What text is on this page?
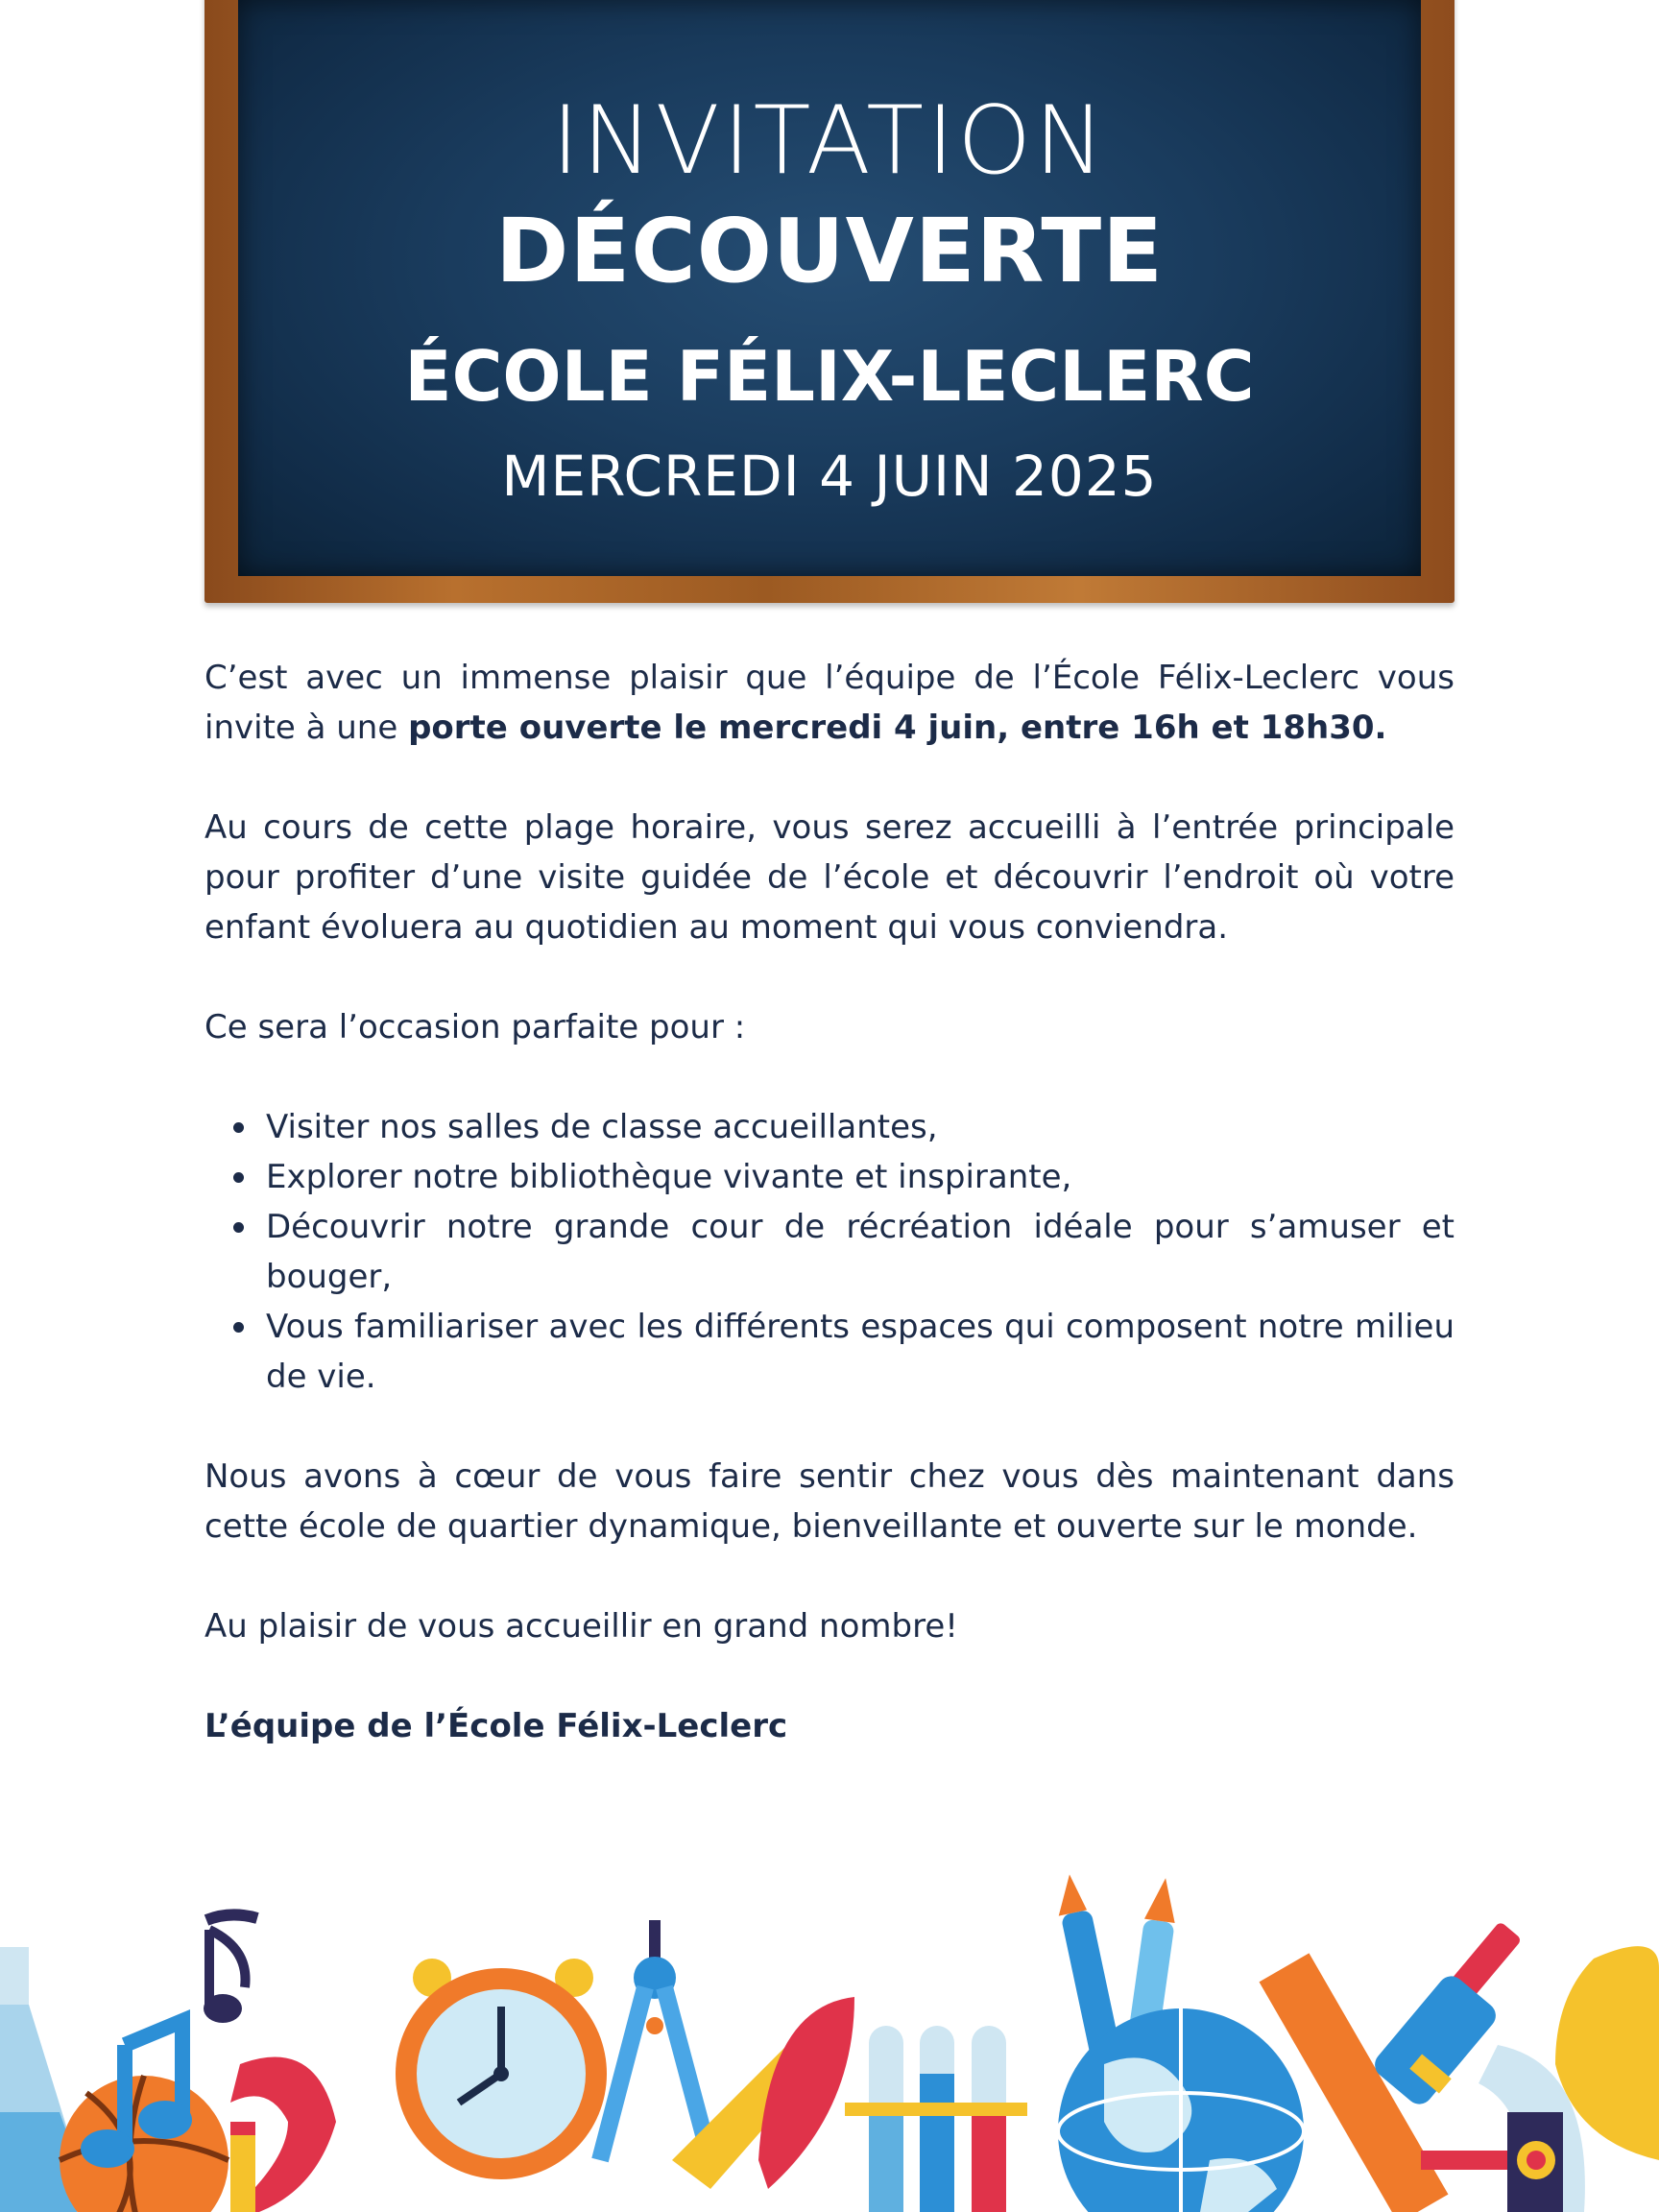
INVITATION
DÉCOUVERTE
ÉCOLE FÉLIX-LECLERC
MERCREDI 4 JUIN 2025

C’est avec un immense plaisir que l’équipe de l’École Félix-Leclerc vous invite à une porte ouverte le mercredi 4 juin, entre 16h et 18h30.

Au cours de cette plage horaire, vous serez accueilli à l’entrée principale pour profiter d’une visite guidée de l’école et découvrir l’endroit où votre enfant évoluera au quotidien au moment qui vous conviendra.

Ce sera l’occasion parfaite pour :

Visiter nos salles de classe accueillantes,
Explorer notre bibliothèque vivante et inspirante,
Découvrir notre grande cour de récréation idéale pour s’amuser et bouger,
Vous familiariser avec les différents espaces qui composent notre milieu de vie.

Nous avons à cœur de vous faire sentir chez vous dès maintenant dans cette école de quartier dynamique, bienveillante et ouverte sur le monde.

Au plaisir de vous accueillir en grand nombre!

L’équipe de l’École Félix-Leclerc
